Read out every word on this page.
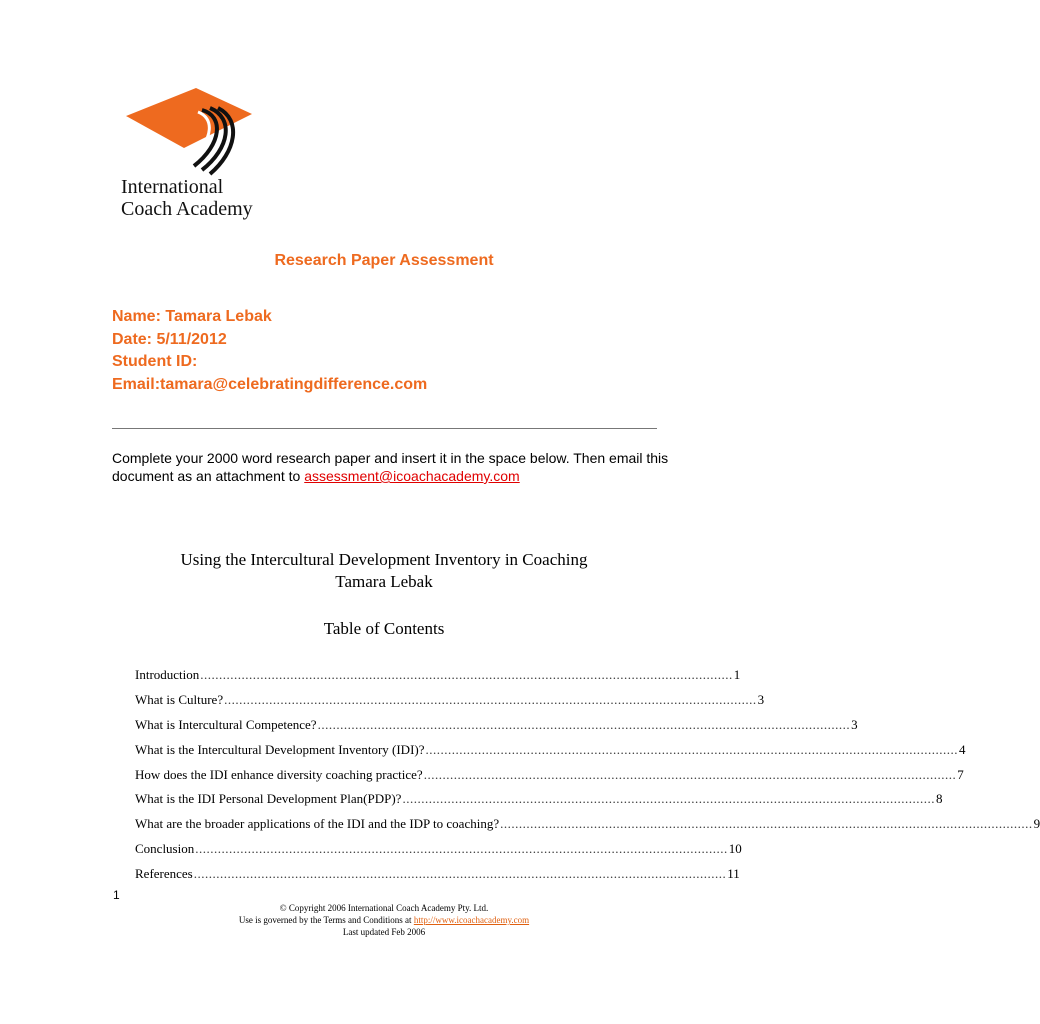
International
Coach Academy
Research Paper Assessment
Name: Tamara Lebak
Date: 5/11/2012
Student ID:
Email:tamara@celebratingdifference.com
Complete your 2000 word research paper and insert it in the space below. Then email this document as an attachment to assessment@icoachacademy.com
Using the Intercultural Development Inventory in Coaching
Tamara Lebak
Table of Contents
Introduction .............................................................................................................................................. 1
What is Culture? .............................................................................................................................................. 3
What is Intercultural Competence? .............................................................................................................................................. 3
What is the Intercultural Development Inventory (IDI)? .............................................................................................................................................. 4
How does the IDI enhance diversity coaching practice? .............................................................................................................................................. 7
What is the IDI Personal Development Plan(PDP)? .............................................................................................................................................. 8
What are the broader applications of the IDI and the IDP to coaching? .............................................................................................................................................. 9
Conclusion .............................................................................................................................................. 10
References .............................................................................................................................................. 11
1
© Copyright 2006 International Coach Academy Pty. Ltd.
Use is governed by the Terms and Conditions at http://www.icoachacademy.com
Last updated Feb 2006
